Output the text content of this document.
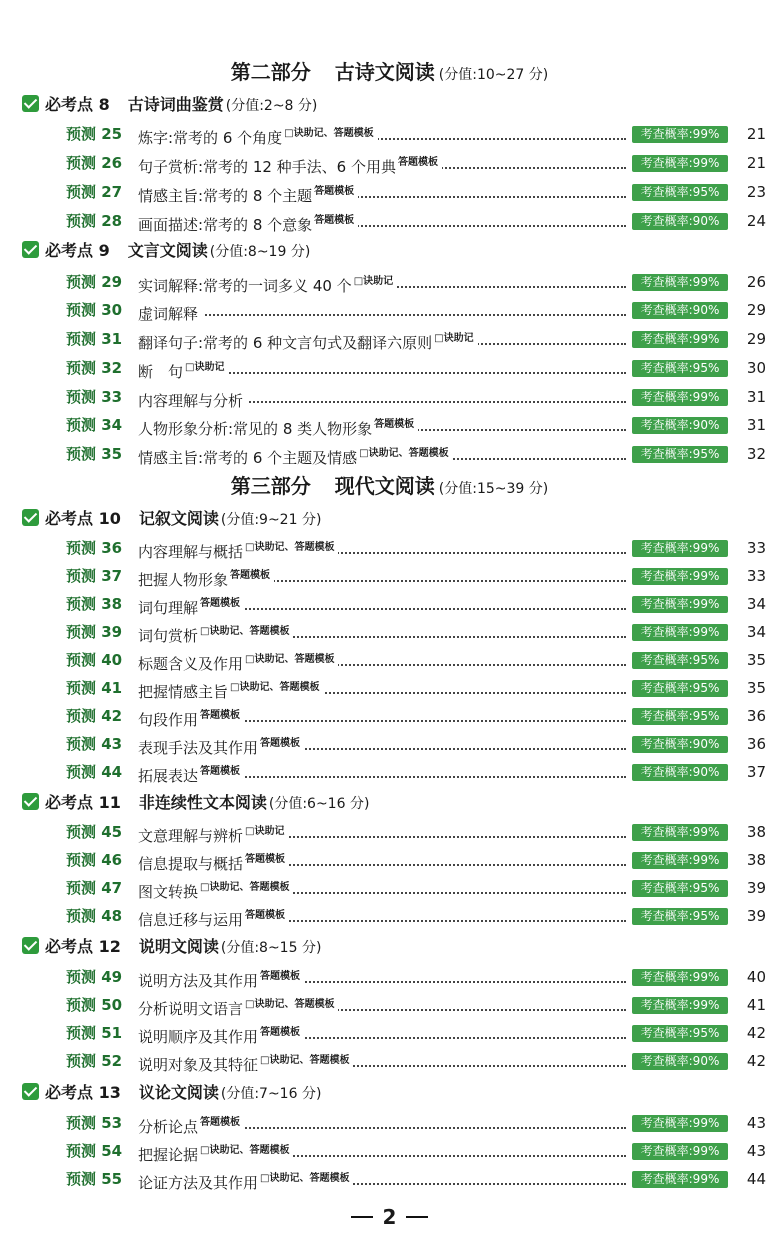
第二部分 古诗文阅读 (分值:10~27 分)
必考点 8 古诗词曲鉴赏 (分值:2~8 分)
预测 25 炼字:常考的 6 个角度 $^{□诀助记、答题模板}$	考查概率:99%	21
预测 26 句子赏析:常考的 12 种手法、6 个用典 $^{答题模板}$	考查概率:99%	21
预测 27 情感主旨:常考的 8 个主题 $^{答题模板}$	考查概率:95%	23
预测 28 画面描述:常考的 8 个意象 $^{答题模板}$	考查概率:90%	24
必考点 9 文言文阅读 (分值:8~19 分)
预测 29 实词解释:常考的一词多义 40 个 $^{□诀助记}$	考查概率:99%	26
预测 30 虚词解释	考查概率:90%	29
预测 31 翻译句子:常考的 6 种文言句式及翻译六原则 $^{□诀助记}$	考查概率:99%	29
预测 32 断　句 $^{□诀助记}$	考查概率:95%	30
预测 33 内容理解与分析	考查概率:99%	31
预测 34 人物形象分析:常见的 8 类人物形象 $^{答题模板}$	考查概率:90%	31
预测 35 情感主旨:常考的 6 个主题及情感 $^{□诀助记、答题模板}$	考查概率:95%	32
第三部分 现代文阅读 (分值:15~39 分)
必考点 10 记叙文阅读 (分值:9~21 分)
预测 36 内容理解与概括 $^{□诀助记、答题模板}$	考查概率:99%	33
预测 37 把握人物形象 $^{答题模板}$	考查概率:99%	33
预测 38 词句理解 $^{答题模板}$	考查概率:99%	34
预测 39 词句赏析 $^{□诀助记、答题模板}$	考查概率:99%	34
预测 40 标题含义及作用 $^{□诀助记、答题模板}$	考查概率:95%	35
预测 41 把握情感主旨 $^{□诀助记、答题模板}$	考查概率:95%	35
预测 42 句段作用 $^{答题模板}$	考查概率:95%	36
预测 43 表现手法及其作用 $^{答题模板}$	考查概率:90%	36
预测 44 拓展表达 $^{答题模板}$	考查概率:90%	37
必考点 11 非连续性文本阅读 (分值:6~16 分)
预测 45 文意理解与辨析 $^{□诀助记}$	考查概率:99%	38
预测 46 信息提取与概括 $^{答题模板}$	考查概率:99%	38
预测 47 图文转换 $^{□诀助记、答题模板}$	考查概率:95%	39
预测 48 信息迁移与运用 $^{答题模板}$	考查概率:95%	39
必考点 12 说明文阅读 (分值:8~15 分)
预测 49 说明方法及其作用 $^{答题模板}$	考查概率:99%	40
预测 50 分析说明文语言 $^{□诀助记、答题模板}$	考查概率:99%	41
预测 51 说明顺序及其作用 $^{答题模板}$	考查概率:95%	42
预测 52 说明对象及其特征 $^{□诀助记、答题模板}$	考查概率:90%	42
必考点 13 议论文阅读 (分值:7~16 分)
预测 53 分析论点 $^{答题模板}$	考查概率:99%	43
预测 54 把握论据 $^{□诀助记、答题模板}$	考查概率:99%	43
预测 55 论证方法及其作用 $^{□诀助记、答题模板}$	考查概率:99%	44
2
